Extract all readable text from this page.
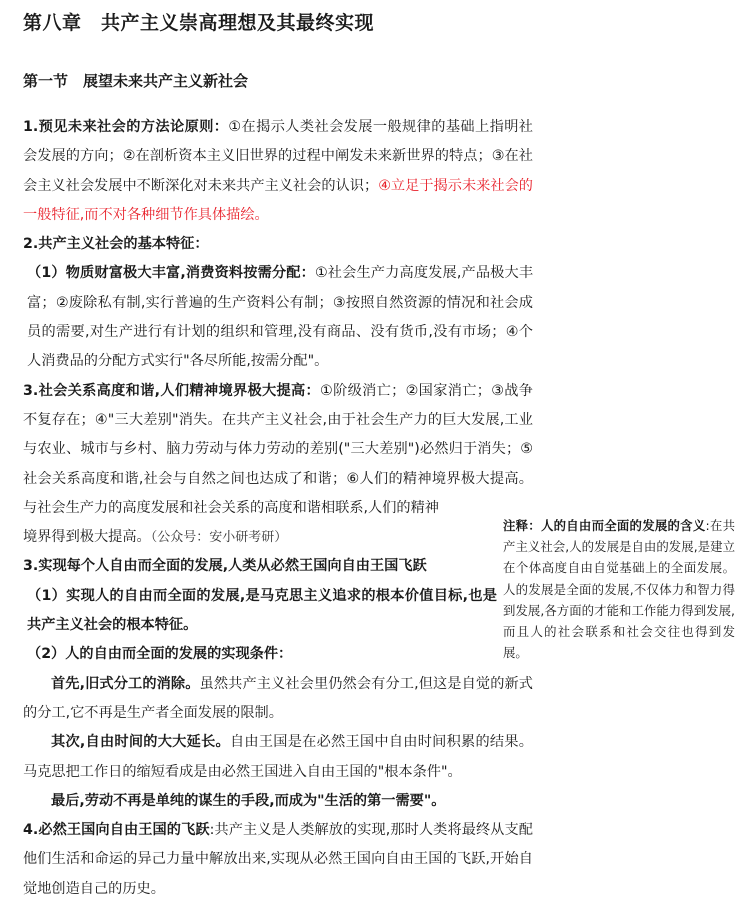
第八章　共产主义崇高理想及其最终实现
第一节　展望未来共产主义新社会

1.预见未来社会的方法论原则：①在揭示人类社会发展一般规律的基础上指明社会发展的方向；②在剖析资本主义旧世界的过程中阐发未来新世界的特点；③在社会主义社会发展中不断深化对未来共产主义社会的认识；④立足于揭示未来社会的一般特征,而不对各种细节作具体描绘。

2.共产主义社会的基本特征：

（1）物质财富极大丰富,消费资料按需分配：①社会生产力高度发展,产品极大丰富；②废除私有制,实行普遍的生产资料公有制；③按照自然资源的情况和社会成员的需要,对生产进行有计划的组织和管理,没有商品、没有货币,没有市场；④个人消费品的分配方式实行"各尽所能,按需分配"。

3.社会关系高度和谐,人们精神境界极大提高：①阶级消亡；②国家消亡；③战争不复存在；④"三大差别"消失。在共产主义社会,由于社会生产力的巨大发展,工业与农业、城市与乡村、脑力劳动与体力劳动的差别("三大差别")必然归于消失；⑤社会关系高度和谐,社会与自然之间也达成了和谐；⑥人们的精神境界极大提高。与社会生产力的高度发展和社会关系的高度和谐相联系,人们的精神
境界得到极大提高。（公众号：安小研考研）

3.实现每个人自由而全面的发展,人类从必然王国向自由王国飞跃

（1）实现人的自由而全面的发展,是马克思主义追求的根本价值目标,也是共产主义社会的根本特征。

（2）人的自由而全面的发展的实现条件：

首先,旧式分工的消除。虽然共产主义社会里仍然会有分工,但这是自觉的新式的分工,它不再是生产者全面发展的限制。

其次,自由时间的大大延长。自由王国是在必然王国中自由时间积累的结果。马克思把工作日的缩短看成是由必然王国进入自由王国的"根本条件"。

最后,劳动不再是单纯的谋生的手段,而成为"生活的第一需要"。

4.必然王国向自由王国的飞跃:共产主义是人类解放的实现,那时人类将最终从支配他们生活和命运的异己力量中解放出来,实现从必然王国向自由王国的飞跃,开始自觉地创造自己的历史。

注释：人的自由而全面的发展的含义:在共产主义社会,人的发展是自由的发展,是建立在个体高度自由自觉基础上的全面发展。人的发展是全面的发展,不仅体力和智力得到发展,各方面的才能和工作能力得到发展,而且人的社会联系和社会交往也得到发展。
